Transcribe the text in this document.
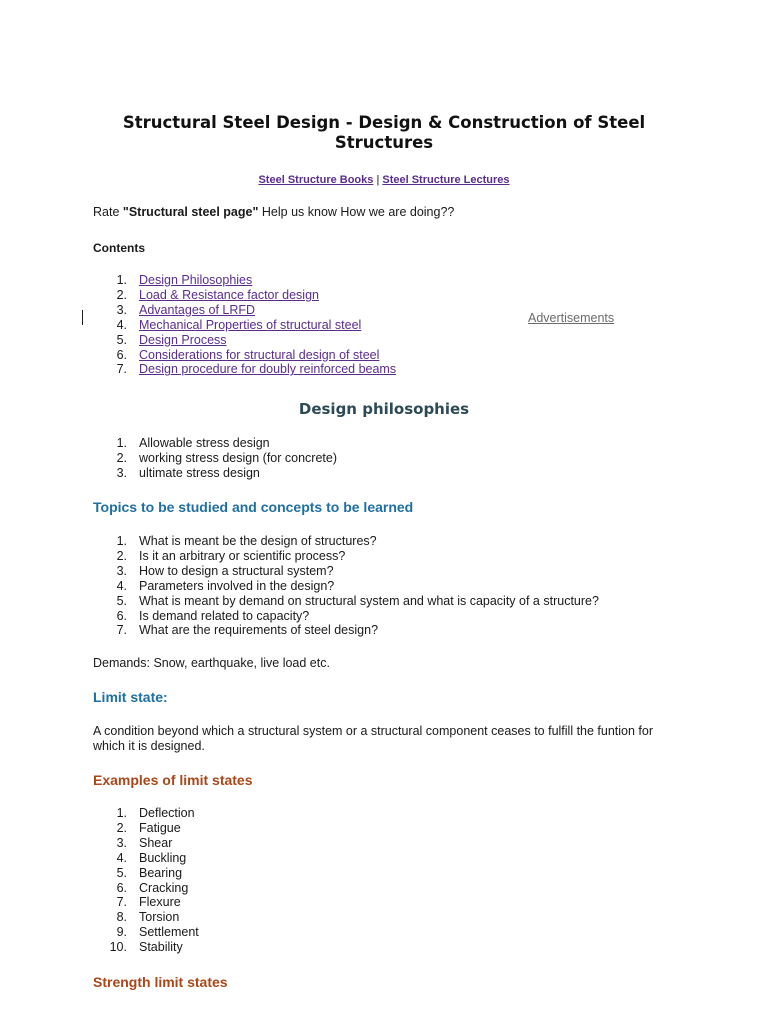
Structural Steel Design - Design & Construction of Steel Structures
Steel Structure Books | Steel Structure Lectures

Rate "Structural steel page" Help us know How we are doing??

Contents

1. Design Philosophies
2. Load & Resistance factor design
3. Advantages of LRFD
4. Mechanical Properties of structural steel
5. Design Process
6. Considerations for structural design of steel
7. Design procedure for doubly reinforced beams
Advertisements
Design philosophies
1. Allowable stress design
2. working stress design (for concrete)
3. ultimate stress design
Topics to be studied and concepts to be learned
1. What is meant be the design of structures?
2. Is it an arbitrary or scientific process?
3. How to design a structural system?
4. Parameters involved in the design?
5. What is meant by demand on structural system and what is capacity of a structure?
6. Is demand related to capacity?
7. What are the requirements of steel design?

Demands: Snow, earthquake, live load etc.

Limit state:

A condition beyond which a structural system or a structural component ceases to fulfill the funtion for which it is designed.

Examples of limit states
1. Deflection
2. Fatigue
3. Shear
4. Buckling
5. Bearing
6. Cracking
7. Flexure
8. Torsion
9. Settlement
10. Stability
Strength limit states
